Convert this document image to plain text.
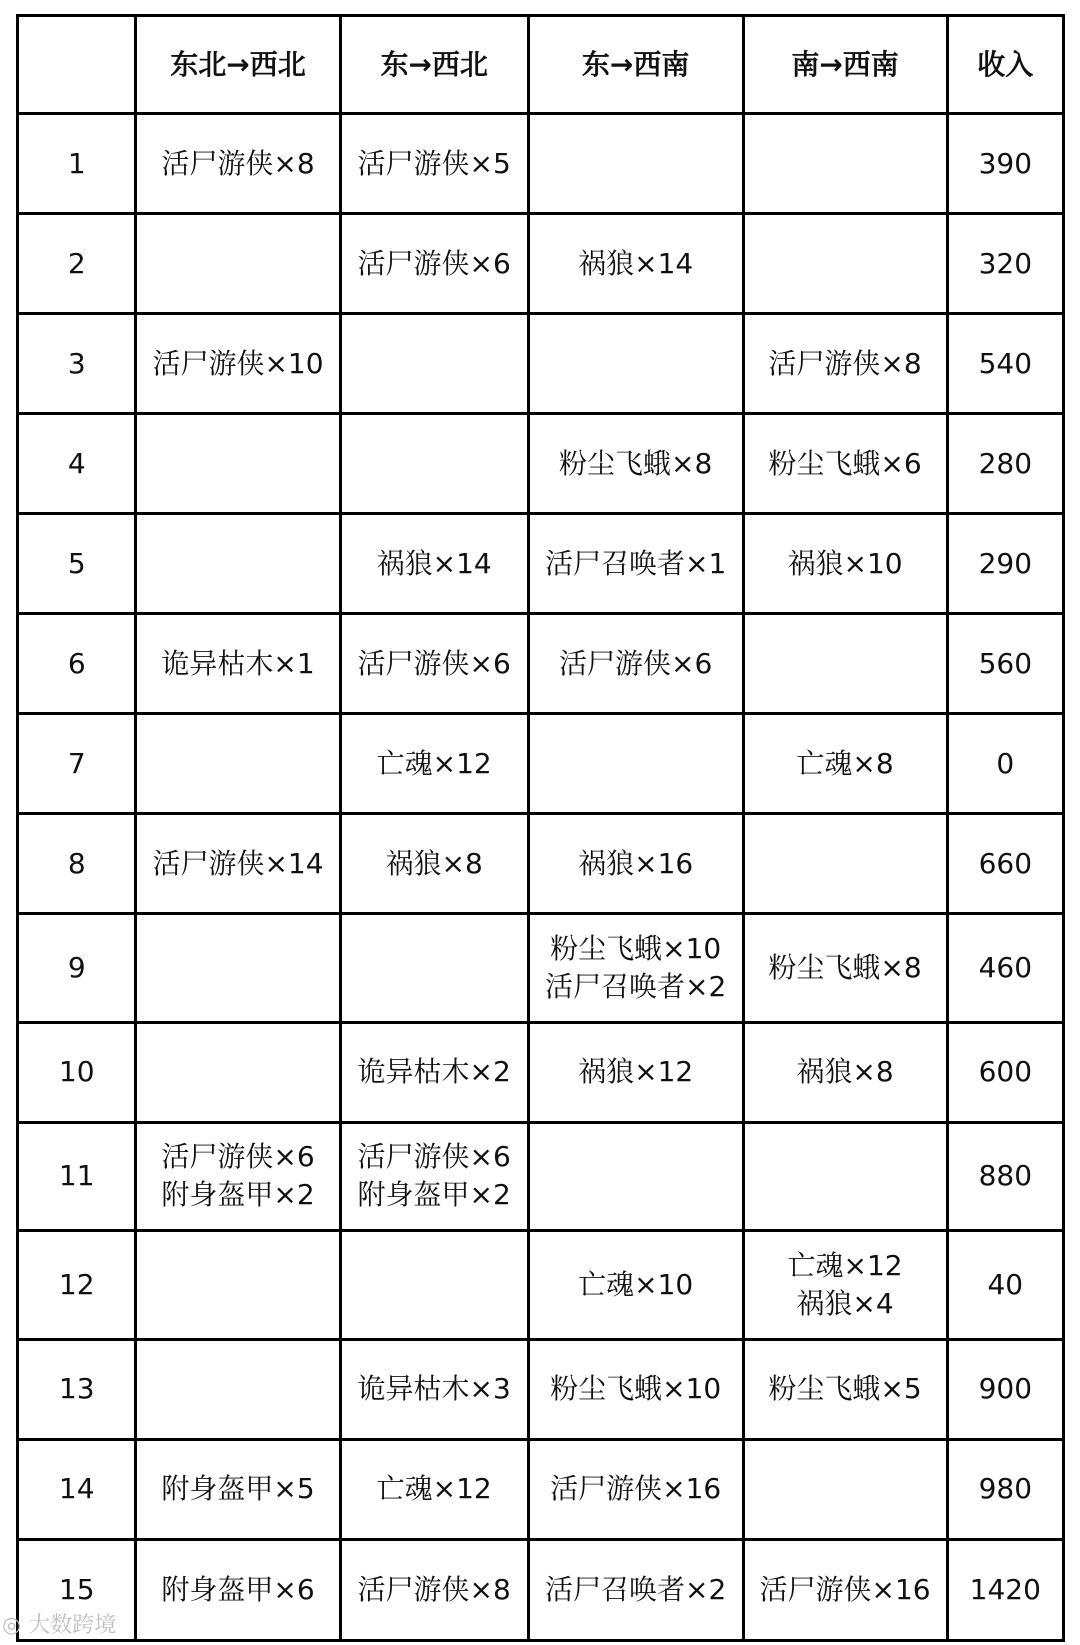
	东北→西北	东→西北	东→西南	南→西南	收入
1	活尸游侠×8	活尸游侠×5			390
2		活尸游侠×6	祸狼×14		320
3	活尸游侠×10			活尸游侠×8	540
4			粉尘飞蛾×8	粉尘飞蛾×6	280
5		祸狼×14	活尸召唤者×1	祸狼×10	290
6	诡异枯木×1	活尸游侠×6	活尸游侠×6		560
7		亡魂×12		亡魂×8	0
8	活尸游侠×14	祸狼×8	祸狼×16		660
9			粉尘飞蛾×10
活尸召唤者×2	粉尘飞蛾×8	460
10		诡异枯木×2	祸狼×12	祸狼×8	600
11	活尸游侠×6
附身盔甲×2	活尸游侠×6
附身盔甲×2			880
12			亡魂×10	亡魂×12
祸狼×4	40
13		诡异枯木×3	粉尘飞蛾×10	粉尘飞蛾×5	900
14	附身盔甲×5	亡魂×12	活尸游侠×16		980
15	附身盔甲×6	活尸游侠×8	活尸召唤者×2	活尸游侠×16	1420
◎ 大数跨境
